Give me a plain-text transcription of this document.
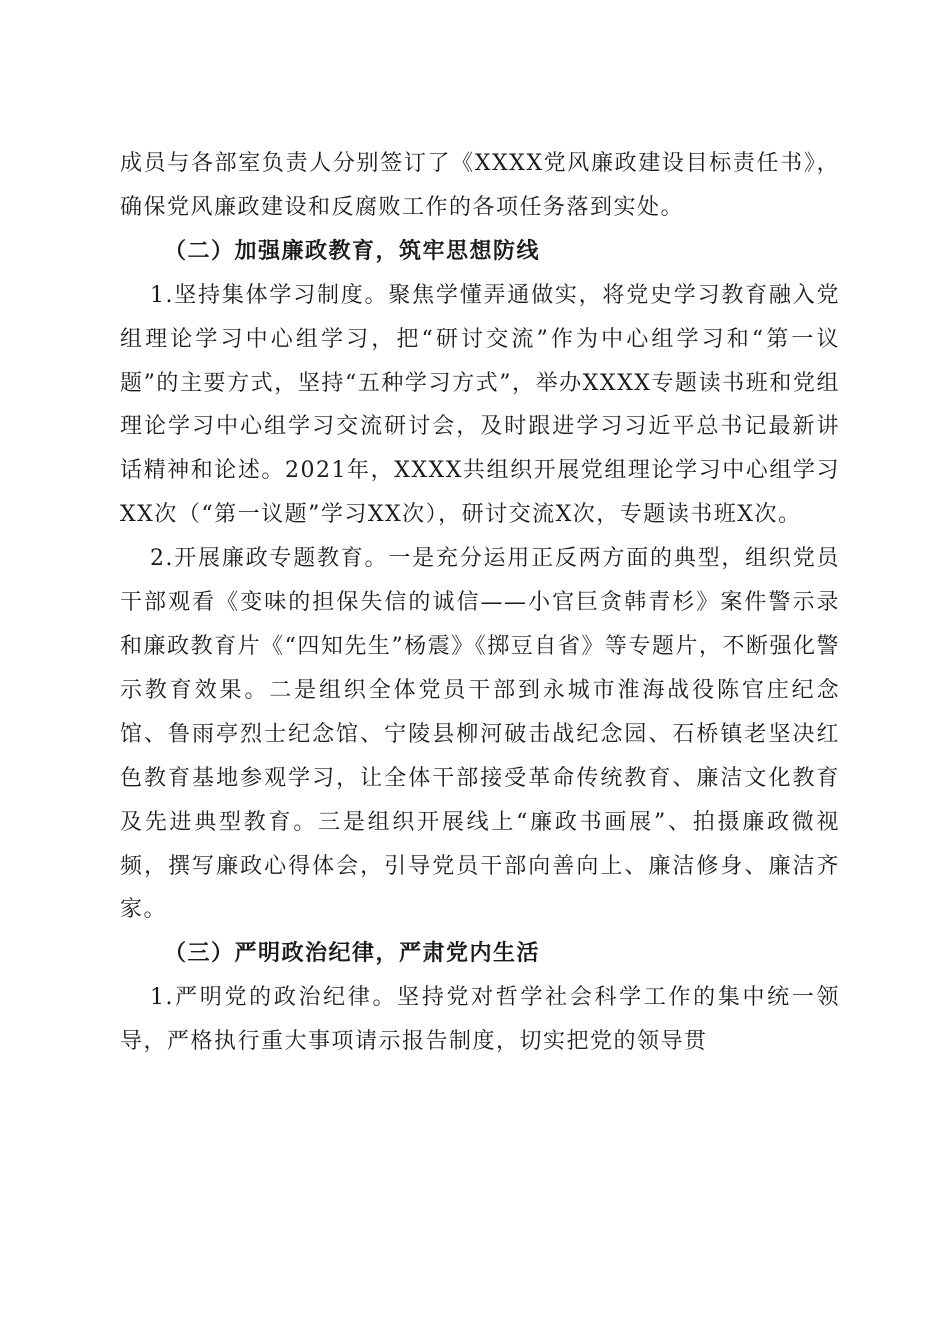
成员与各部室负责人分别签订了《XXXX党风廉政建设目标责任书》，确保党风廉政建设和反腐败工作的各项任务落到实处。

（二）加强廉政教育，筑牢思想防线

1.坚持集体学习制度。聚焦学懂弄通做实，将党史学习教育融入党组理论学习中心组学习，把“研讨交流”作为中心组学习和“第一议题”的主要方式，坚持“五种学习方式”，举办XXXX专题读书班和党组理论学习中心组学习交流研讨会，及时跟进学习习近平总书记最新讲话精神和论述。2021年，XXXX共组织开展党组理论学习中心组学习XX次（“第一议题”学习XX次），研讨交流X次，专题读书班X次。

2.开展廉政专题教育。一是充分运用正反两方面的典型，组织党员干部观看《变味的担保失信的诚信——小官巨贪韩青杉》案件警示录和廉政教育片《“四知先生”杨震》《掷豆自省》等专题片，不断强化警示教育效果。二是组织全体党员干部到永城市淮海战役陈官庄纪念馆、鲁雨亭烈士纪念馆、宁陵县柳河破击战纪念园、石桥镇老坚决红色教育基地参观学习，让全体干部接受革命传统教育、廉洁文化教育及先进典型教育。三是组织开展线上“廉政书画展”、拍摄廉政微视频，撰写廉政心得体会，引导党员干部向善向上、廉洁修身、廉洁齐家。

（三）严明政治纪律，严肃党内生活

1.严明党的政治纪律。坚持党对哲学社会科学工作的集中统一领导，严格执行重大事项请示报告制度，切实把党的领导贯
